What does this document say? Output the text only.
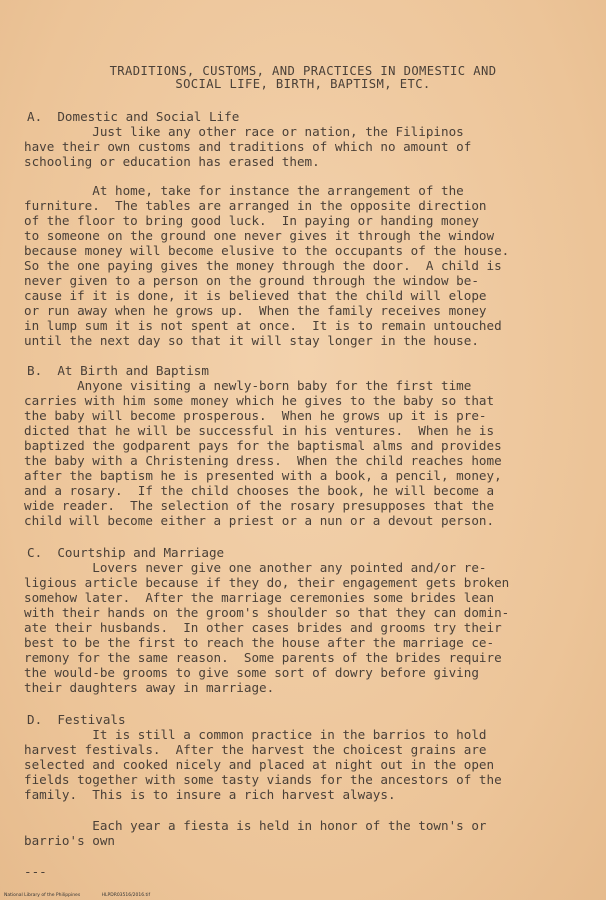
TRADITIONS, CUSTOMS, AND PRACTICES IN DOMESTIC AND
SOCIAL LIFE, BIRTH, BAPTISM, ETC.
A.  Domestic and Social Life
Just like any other race or nation, the Filipinos
have their own customs and traditions of which no amount of
schooling or education has erased them.
At home, take for instance the arrangement of the
furniture.  The tables are arranged in the opposite direction
of the floor to bring good luck.  In paying or handing money
to someone on the ground one never gives it through the window
because money will become elusive to the occupants of the house.
So the one paying gives the money through the door.  A child is
never given to a person on the ground through the window be-
cause if it is done, it is believed that the child will elope
or run away when he grows up.  When the family receives money
in lump sum it is not spent at once.  It is to remain untouched
until the next day so that it will stay longer in the house.
B.  At Birth and Baptism
Anyone visiting a newly-born baby for the first time
carries with him some money which he gives to the baby so that
the baby will become prosperous.  When he grows up it is pre-
dicted that he will be successful in his ventures.  When he is
baptized the godparent pays for the baptismal alms and provides
the baby with a Christening dress.  When the child reaches home
after the baptism he is presented with a book, a pencil, money,
and a rosary.  If the child chooses the book, he will become a
wide reader.  The selection of the rosary presupposes that the
child will become either a priest or a nun or a devout person.
C.  Courtship and Marriage
Lovers never give one another any pointed and/or re-
ligious article because if they do, their engagement gets broken
somehow later.  After the marriage ceremonies some brides lean
with their hands on the groom's shoulder so that they can domin-
ate their husbands.  In other cases brides and grooms try their
best to be the first to reach the house after the marriage ce-
remony for the same reason.  Some parents of the brides require
the would-be grooms to give some sort of dowry before giving
their daughters away in marriage.
D.  Festivals
It is still a common practice in the barrios to hold
harvest festivals.  After the harvest the choicest grains are
selected and cooked nicely and placed at night out in the open
fields together with some tasty viands for the ancestors of the
family.  This is to insure a rich harvest always.
Each year a fiesta is held in honor of the town's or
barrio's own
---
National Library of the Philippines	HLPDR03516/2016.tif
